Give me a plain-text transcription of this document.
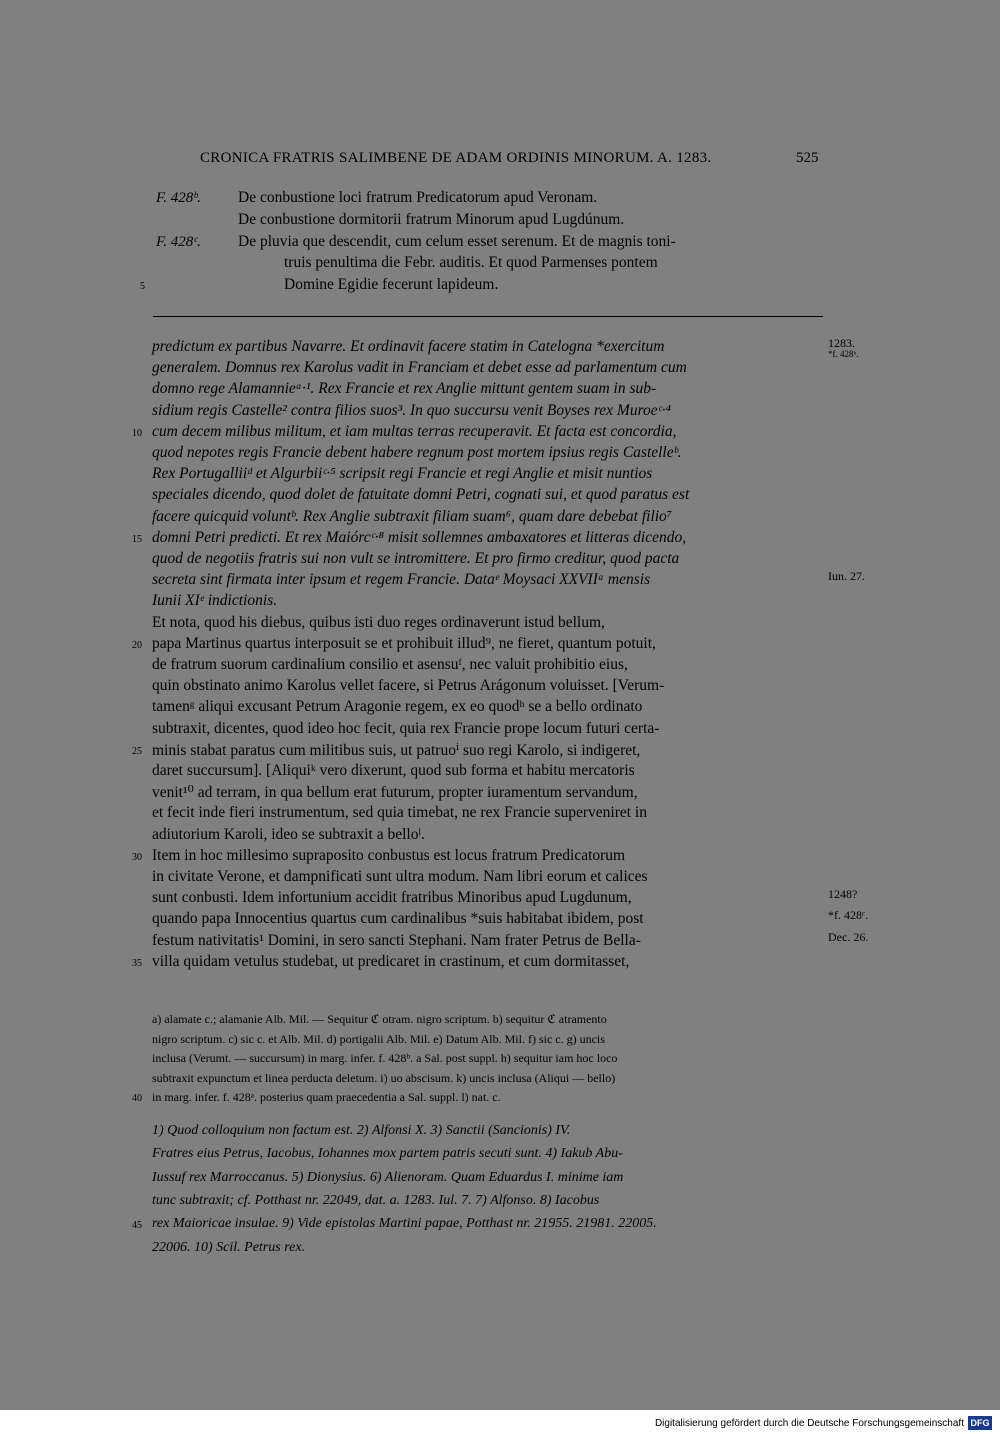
CRONICA FRATRIS SALIMBENE DE ADAM ORDINIS MINORUM. A. 1283.	525
F. 428ᵇ. De conbustione loci fratrum Predicatorum apud Veronam.
De conbustione dormitorii fratrum Minorum apud Lugdúnum.
F. 428ᶜ. De pluvia que descendit, cum celum esset serenum. Et de magnis toni-
truis penultima die Febr. auditis. Et quod Parmenses pontem
Domine Egidie fecerunt lapideum.
5
predictum ex partibus Navarre. Et ordinavit facere statim in Catelogna *exercitum	1283.
*f. 428ᵇ.
generalem. Domnus rex Karolus vadit in Franciam et debet esse ad parlamentum cum
domno rege Alamannieᵃ·¹. Rex Francie et rex Anglie mittunt gentem suam in sub-
sidium regis Castelle² contra filios suos³. In quo succursu venit Boyses rex Muroeᶜ·⁴
cum decem milibus militum, et iam multas terras recuperavit. Et facta est concordia,
10
quod nepotes regis Francie debent habere regnum post mortem ipsius regis Castelleᵇ.
Rex Portugalliiᵈ et Algurbiiᶜ·⁵ scripsit regi Francie et regi Anglie et misit nuntios
speciales dicendo, quod dolet de fatuitate domni Petri, cognati sui, et quod paratus est
facere quicquid voluntᵇ. Rex Anglie subtraxit filiam suam⁶, quam dare debebat filio⁷
domni Petri predicti. Et rex Maiórcᶜ·⁸ misit sollemnes ambaxatores et litteras dicendo,
15
quod de negotiis fratris sui non vult se intromittere. Et pro firmo creditur, quod pacta
secreta sint firmata inter ipsum et regem Francie. Dataᵉ Moysaci XXVIIᵃ mensis	Iun. 27.
Iunii XIᵉ indictionis.
Et nota, quod his diebus, quibus isti duo reges ordinaverunt istud bellum,
papa Martinus quartus interposuit se et prohibuit illud⁹, ne fieret, quantum potuit,
20
de fratrum suorum cardinalium consilio et asensuᶠ, nec valuit prohibitio eius,
quin obstinato animo Karolus vellet facere, si Petrus Arágonum voluisset. [Verum-
tamenᵍ aliqui excusant Petrum Aragonie regem, ex eo quodʰ se a bello ordinato
subtraxit, dicentes, quod ideo hoc fecit, quia rex Francie prope locum futuri certa-
minis stabat paratus cum militibus suis, ut patruoⁱ suo regi Karolo, si indigeret,
25
daret succursum]. [Aliquiᵏ vero dixerunt, quod sub forma et habitu mercatoris
venit¹⁰ ad terram, in qua bellum erat futurum, propter iuramentum servandum,
et fecit inde fieri instrumentum, sed quia timebat, ne rex Francie superveniret in
adiutorium Karoli, ideo se subtraxit a belloˡ.
Item in hoc millesimo supraposito conbustus est locus fratrum Predicatorum
30
in civitate Verone, et dampnificati sunt ultra modum. Nam libri eorum et calices
sunt conbusti. Idem infortunium accidit fratribus Minoribus apud Lugdunum,	1248?
quando papa Innocentius quartus cum cardinalibus *suis habitabat ibidem, post	*f. 428ᶜ.
festum nativitatis¹ Domini, in sero sancti Stephani. Nam frater Petrus de Bella-	Dec. 26.
villa quidam vetulus studebat, ut predicaret in crastinum, et cum dormitasset,
35
a) alamate c.; alamanie Alb. Mil. — Sequitur ℭ otram. nigro scriptum. b) sequitur ℭ atramento
nigro scriptum. c) sic c. et Alb. Mil. d) portigalii Alb. Mil. e) Datum Alb. Mil. f) sic c. g) uncis
inclusa (Verumt. — succursum) in marg. infer. f. 428ᵇ. a Sal. post suppl. h) sequitur iam hoc loco
subtraxit expunctum et linea perducta deletum. i) uo abscisum. k) uncis inclusa (Aliqui — bello)
in marg. infer. f. 428ᵃ. posterius quam praecedentia a Sal. suppl. l) nat. c.
40
1) Quod colloquium non factum est. 2) Alfonsi X. 3) Sanctii (Sancionis) IV.
Fratres eius Petrus, Iacobus, Iohannes mox partem patris secuti sunt. 4) Iakub Abu-
Iussuf rex Marroccanus. 5) Dionysius. 6) Alienoram. Quam Eduardus I. minime iam
tunc subtraxit; cf. Potthast nr. 22049, dat. a. 1283. Iul. 7. 7) Alfonso. 8) Iacobus
rex Maioricae insulae. 9) Vide epistolas Martini papae, Potthast nr. 21955. 21981. 22005.
45
22006. 10) Scil. Petrus rex.
Digitalisierung gefördert durch die Deutsche Forschungsgemeinschaft DFG
